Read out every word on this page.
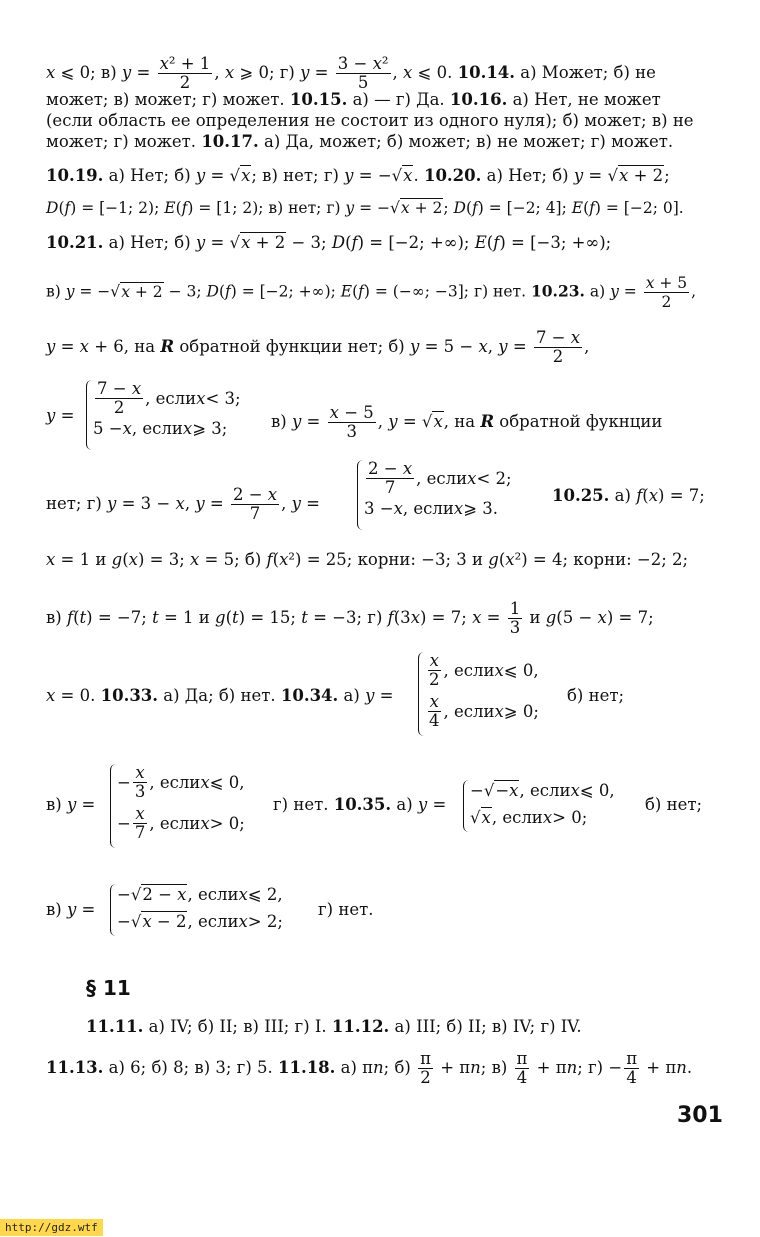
x ⩽ 0; в) $y = \frac{\text{x² + 1}}{2}$ , x ⩾ 0; г) $y = \frac{\text{3 − x²}}{5}$ , x ⩽ 0. 10.14. а) Может; б) не
может; в) может; г) может. 10.15. а) — г) Да. 10.16. а) Нет, не может
(если область ее определения не состоит из одного нуля); б) может; в) не
может; г) может. 10.17. а) Да, может; б) может; в) не может; г) может.
10.19. а) Нет; б) y = √x; в) нет; г) y = −√x. 10.20. а) Нет; б) y = √x + 2;
D(f) = [−1; 2); E(f) = [1; 2); в) нет; г) y = −√x + 2; D(f) = [−2; 4]; E(f) = [−2; 0].
10.21. а) Нет; б) y = √x + 2 − 3; D(f) = [−2; +∞); E(f) = [−3; +∞);
в) y = −√x + 2 − 3; D(f) = [−2; +∞); E(f) = (−∞; −3]; г) нет. 10.23. а) $y = \frac{x + 5}{2}$ ,
y = x + 6, на R обратной функции нет; б) y = 5 − x, $y = \frac{7 - x}{2}$ ,
$y = \frac{7 - x}{2}$ , если x < 3;
5 − x , если x ⩾ 3;	в) $y = \frac{x - 5}{3}$ , y = √x, на R обратной фукнции
нет; г) y = 3 − x, $y = \frac{2 - x}{7}$ , y =
$\frac{2 - x}{7}$ , если x < 2;
3 − x , если x ⩾ 3.
10.25. а) f(x) = 7;
x = 1 и g(x) = 3; x = 5; б) f(x²) = 25; корни: −3; 3 и g(x²) = 4; корни: −2; 2;
в) f(t) = −7; t = 1 и g(t) = 15; t = −3; г) f(3x) = 7; $x = \frac{1}{3}$ и g(5 − x) = 7;
x = 0. 10.33. а) Да; б) нет. 10.34. а) y =
$\frac{x}{2}$ , если x ⩽ 0,
$\frac{x}{4}$ , если x ⩾ 0;
б) нет;
в) y =
− $\frac{x}{3}$ , если x ⩽ 0,
− $\frac{x}{7}$ , если x > 0;
г) нет. 10.35. а) y =
−√ −x , если x ⩽ 0,
√ x , если x > 0;
б) нет;
в) y =
−√ 2 − x , если x ⩽ 2,
−√ x − 2 , если x > 2;
г) нет.
§ 11
11.11. а) IV; б) II; в) III; г) I. 11.12. а) III; б) II; в) IV; г) IV.
11.13. а) 6; б) 8; в) 3; г) 5. 11.18. а) πn; $б) \frac{\pi}{2} + \pi n$; $в) \frac{\pi}{4} + \pi n$; $г) - \frac{\pi}{4} + \pi n$.
301
http://gdz.wtf
